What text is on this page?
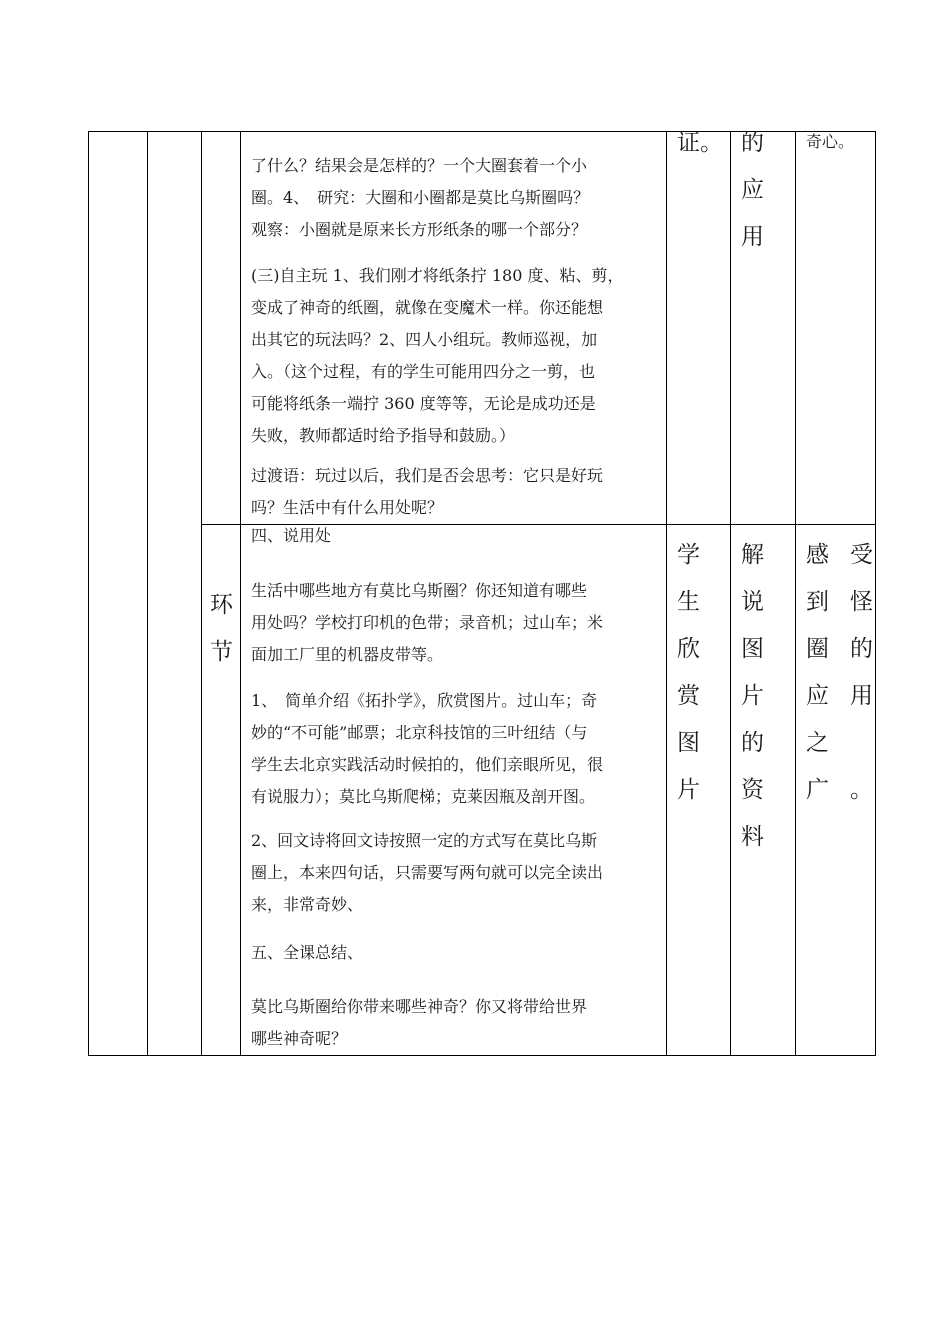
了什么？结果会是怎样的？一个大圈套着一个小
圈。4、　研究：大圈和小圈都是莫比乌斯圈吗？
观察：小圈就是原来长方形纸条的哪一个部分？
(三)自主玩 1、我们刚才将纸条拧 180 度、粘、剪，
变成了神奇的纸圈，就像在变魔术一样。你还能想
出其它的玩法吗？2、四人小组玩。教师巡视，加
入。（这个过程，有的学生可能用四分之一剪，也
可能将纸条一端拧 360 度等等，无论是成功还是
失败，教师都适时给予指导和鼓励。）
过渡语：玩过以后，我们是否会思考：它只是好玩
吗？生活中有什么用处呢？
证。 的
应
用
奇心。
环
节
四、说用处
生活中哪些地方有莫比乌斯圈？你还知道有哪些
用处吗？学校打印机的色带；录音机；过山车；米
面加工厂里的机器皮带等。
1、　简单介绍《拓扑学》，欣赏图片。过山车；奇
妙的“不可能”邮票；北京科技馆的三叶纽结（与
学生去北京实践活动时候拍的，他们亲眼所见，很
有说服力）；莫比乌斯爬梯；克莱因瓶及剖开图。
2、回文诗将回文诗按照一定的方式写在莫比乌斯
圈上，本来四句话，只需要写两句就可以完全读出
来，非常奇妙、
五、全课总结、
莫比乌斯圈给你带来哪些神奇？你又将带给世界
哪些神奇呢？
学
生
欣
赏
图
片
解
说
图
片
的
资
料
感受
到怪
圈的
应用
之
广。
